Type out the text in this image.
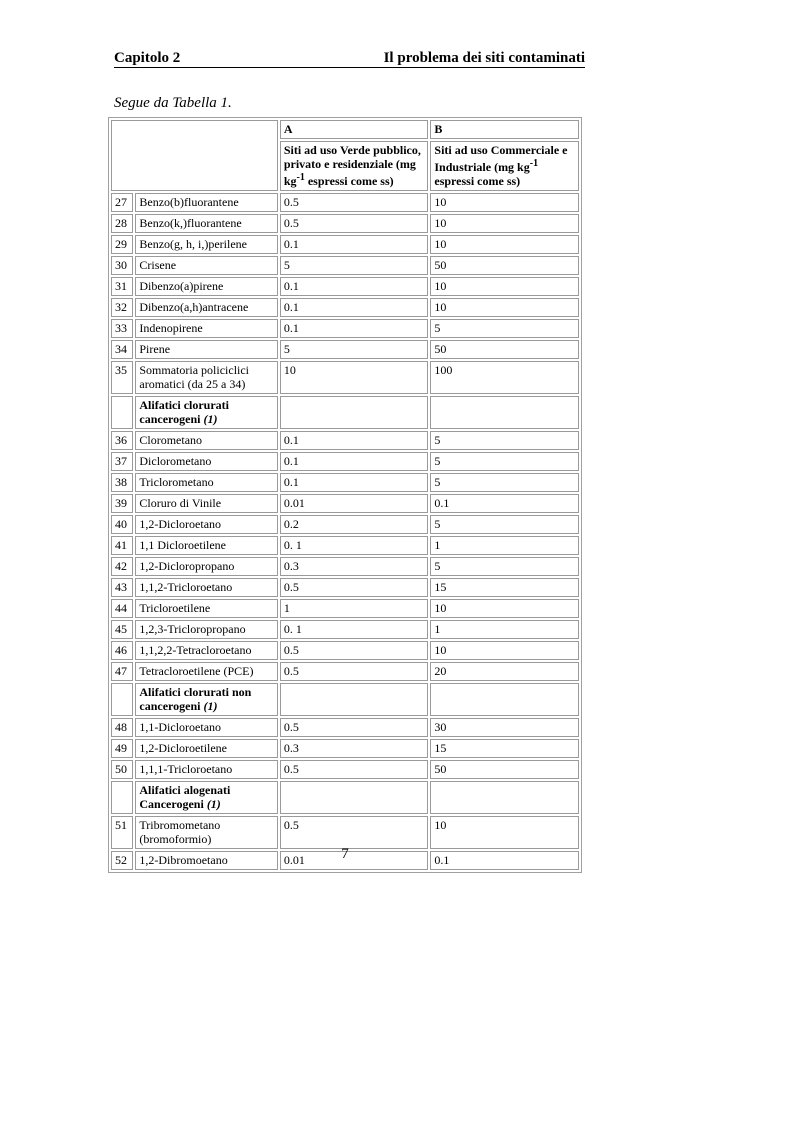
Capitolo 2	Il problema dei siti contaminati
Segue da Tabella 1.
		A	B
		Siti ad uso Verde pubblico, privato e residenziale (mg $kg^{-1}$ espressi come ss)	Siti ad uso Commerciale e Industriale (mg $kg^{-1}$ espressi come ss)
27	Benzo(b)fluorantene	0.5	10
28	Benzo(k,)fluorantene	0.5	10
29	Benzo(g, h, i,)perilene	0.1	10
30	Crisene	5	50
31	Dibenzo(a)pirene	0.1	10
32	Dibenzo(a,h)antracene	0.1	10
33	Indenopirene	0.1	5
34	Pirene	5	50
35	Sommatoria policiclici aromatici (da 25 a 34)	10	100
	Alifatici clorurati cancerogeni (1)		
36	Clorometano	0.1	5
37	Diclorometano	0.1	5
38	Triclorometano	0.1	5
39	Cloruro di Vinile	0.01	0.1
40	1,2-Dicloroetano	0.2	5
41	1,1 Dicloroetilene	0. 1	1
42	1,2-Dicloropropano	0.3	5
43	1,1,2-Tricloroetano	0.5	15
44	Tricloroetilene	1	10
45	1,2,3-Tricloropropano	0. 1	1
46	1,1,2,2-Tetracloroetano	0.5	10
47	Tetracloroetilene (PCE)	0.5	20
	Alifatici clorurati non cancerogeni (1)		
48	1,1-Dicloroetano	0.5	30
49	1,2-Dicloroetilene	0.3	15
50	1,1,1-Tricloroetano	0.5	50
	Alifatici alogenati Cancerogeni (1)		
51	Tribromometano (bromoformio)	0.5	10
52	1,2-Dibromoetano	0.01	0.1
7
